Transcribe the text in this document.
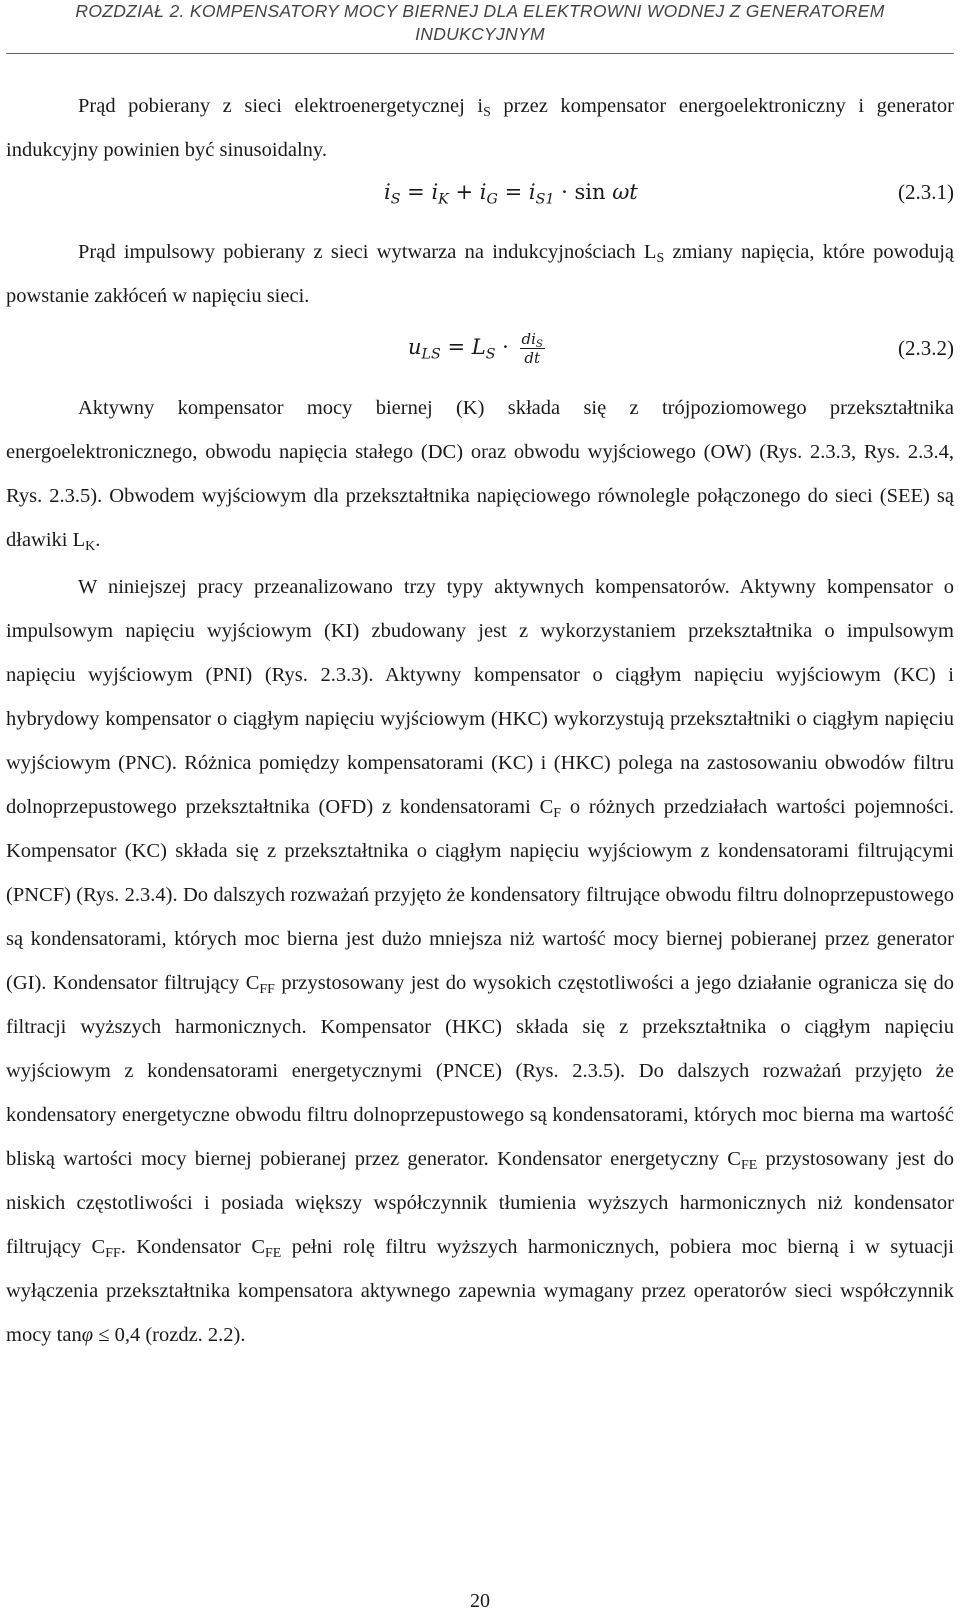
ROZDZIAŁ 2. KOMPENSATORY MOCY BIERNEJ DLA ELEKTROWNI WODNEJ Z GENERATOREM
INDUKCYJNYM

Prąd pobierany z sieci elektroenergetycznej $i_S$ przez kompensator energoelektroniczny i generator indukcyjny powinien być sinusoidalny.

$i_S = i_K + i_G = i_{S1} \cdot \sin \omega t$	(2.3.1)

Prąd impulsowy pobierany z sieci wytwarza na indukcyjnościach $L_S$ zmiany napięcia, które powodują powstanie zakłóceń w napięciu sieci.

$u_{LS} = L_S \cdot \frac{di_S}{dt}$	(2.3.2)

Aktywny kompensator mocy biernej (K) składa się z trójpoziomowego przekształtnika energoelektronicznego, obwodu napięcia stałego (DC) oraz obwodu wyjściowego (OW) (Rys. 2.3.3, Rys. 2.3.4, Rys. 2.3.5). Obwodem wyjściowym dla przekształtnika napięciowego równolegle połączonego do sieci (SEE) są dławiki $L_K$.

W niniejszej pracy przeanalizowano trzy typy aktywnych kompensatorów. Aktywny kompensator o impulsowym napięciu wyjściowym (KI) zbudowany jest z wykorzystaniem przekształtnika o impulsowym napięciu wyjściowym (PNI) (Rys. 2.3.3). Aktywny kompensator o ciągłym napięciu wyjściowym (KC) i hybrydowy kompensator o ciągłym napięciu wyjściowym (HKC) wykorzystują przekształtniki o ciągłym napięciu wyjściowym (PNC). Różnica pomiędzy kompensatorami (KC) i (HKC) polega na zastosowaniu obwodów filtru dolnoprzepustowego przekształtnika (OFD) z kondensatorami $C_F$ o różnych przedziałach wartości pojemności. Kompensator (KC) składa się z przekształtnika o ciągłym napięciu wyjściowym z kondensatorami filtrującymi (PNCF) (Rys. 2.3.4). Do dalszych rozważań przyjęto że kondensatory filtrujące obwodu filtru dolnoprzepustowego są kondensatorami, których moc bierna jest dużo mniejsza niż wartość mocy biernej pobieranej przez generator (GI). Kondensator filtrujący $C_{FF}$ przystosowany jest do wysokich częstotliwości a jego działanie ogranicza się do filtracji wyższych harmonicznych. Kompensator (HKC) składa się z przekształtnika o ciągłym napięciu wyjściowym z kondensatorami energetycznymi (PNCE) (Rys. 2.3.5). Do dalszych rozważań przyjęto że kondensatory energetyczne obwodu filtru dolnoprzepustowego są kondensatorami, których moc bierna ma wartość bliską wartości mocy biernej pobieranej przez generator. Kondensator energetyczny $C_{FE}$ przystosowany jest do niskich częstotliwości i posiada większy współczynnik tłumienia wyższych harmonicznych niż kondensator filtrujący $C_{FF}$. Kondensator $C_{FE}$ pełni rolę filtru wyższych harmonicznych, pobiera moc bierną i w sytuacji wyłączenia przekształtnika kompensatora aktywnego zapewnia wymagany przez operatorów sieci współczynnik mocy tanφ ≤ 0,4 (rozdz. 2.2).

20
